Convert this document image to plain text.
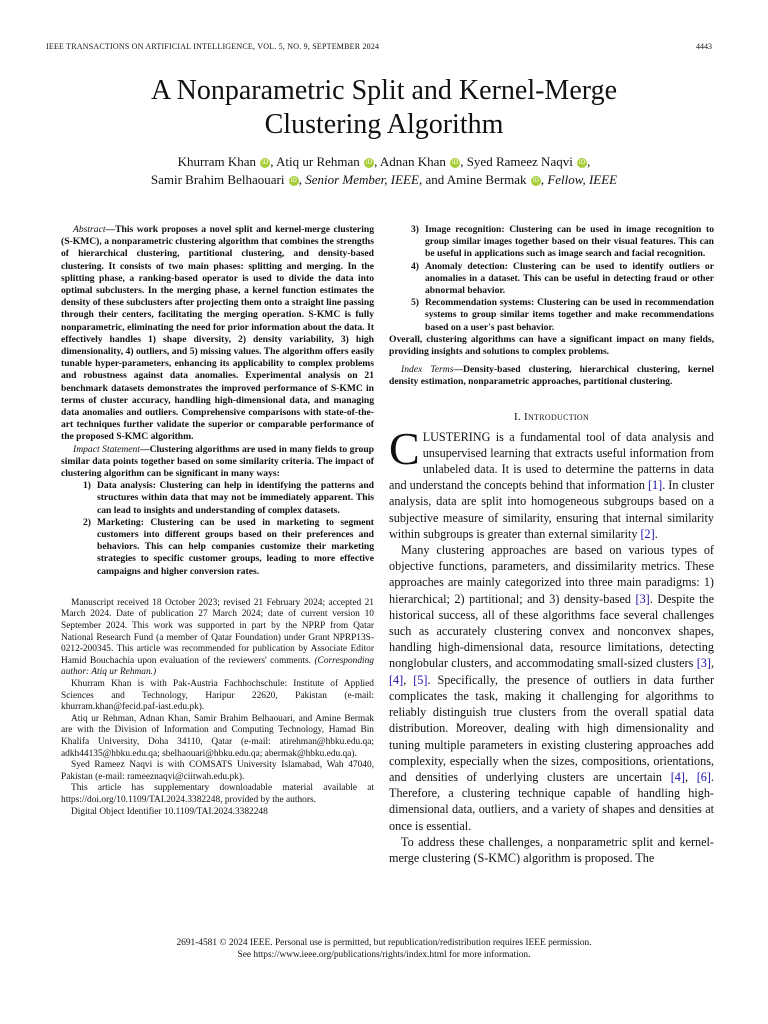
IEEE TRANSACTIONS ON ARTIFICIAL INTELLIGENCE, VOL. 5, NO. 9, SEPTEMBER 2024	4443
A Nonparametric Split and Kernel-Merge
Clustering Algorithm
Khurram Khan iD , Atiq ur Rehman iD , Adnan Khan iD , Syed Rameez Naqvi iD ,
Samir Brahim Belhaouari iD , Senior Member, IEEE, and Amine Bermak iD , Fellow, IEEE

Abstract—This work proposes a novel split and kernel-merge clustering (S-KMC), a nonparametric clustering algorithm that combines the strengths of hierarchical clustering, partitional clustering, and density-based clustering. It consists of two main phases: splitting and merging. In the splitting phase, a ranking-based operator is used to divide the data into optimal subclusters. In the merging phase, a kernel function estimates the density of these subclusters after projecting them onto a straight line passing through their centers, facilitating the merging operation. S-KMC is fully nonparametric, eliminating the need for prior information about the data. It effectively handles 1) shape diversity, 2) density variability, 3) high dimensionality, 4) outliers, and 5) missing values. The algorithm offers easily tunable hyper-parameters, enhancing its applicability to complex problems and robustness against data anomalies. Experimental analysis on 21 benchmark datasets demonstrates the improved performance of S-KMC in terms of cluster accuracy, handling high-dimensional data, and managing data anomalies and outliers. Comprehensive comparisons with state-of-the-art techniques further validate the superior or comparable performance of the proposed S-KMC algorithm.

Impact Statement—Clustering algorithms are used in many fields to group similar data points together based on some similarity criteria. The impact of clustering algorithm can be significant in many ways:

1) Data analysis: Clustering can help in identifying the patterns and structures within data that may not be immediately apparent. This can lead to insights and understanding of complex datasets.
2) Marketing: Clustering can be used in marketing to segment customers into different groups based on their preferences and behaviors. This can help companies customize their marketing strategies to specific customer groups, leading to more effective campaigns and higher conversion rates.

Manuscript received 18 October 2023; revised 21 February 2024; accepted 21 March 2024. Date of publication 27 March 2024; date of current version 10 September 2024. This work was supported in part by the NPRP from Qatar National Research Fund (a member of Qatar Foundation) under Grant NPRP13S-0212-200345. This article was recommended for publication by Associate Editor Hamid Bouchachia upon evaluation of the reviewers' comments. (Corresponding author: Atiq ur Rehman.)

Khurram Khan is with Pak-Austria Fachhochschule: Institute of Applied Sciences and Technology, Haripur 22620, Pakistan (e-mail: khurram.khan@fecid.paf-iast.edu.pk).

Atiq ur Rehman, Adnan Khan, Samir Brahim Belhaouari, and Amine Bermak are with the Division of Information and Computing Technology, Hamad Bin Khalifa University, Doha 34110, Qatar (e-mail: atirehman@hbku.edu.qa; adkh44135@hbku.edu.qa; sbelhaouari@hbku.edu.qa; abermak@hbku.edu.qa).

Syed Rameez Naqvi is with COMSATS University Islamabad, Wah 47040, Pakistan (e-mail: rameeznaqvi@ciitwah.edu.pk).

This article has supplementary downloadable material available at https://doi.org/10.1109/TAI.2024.3382248, provided by the authors.

Digital Object Identifier 10.1109/TAI.2024.3382248

3) Image recognition: Clustering can be used in image recognition to group similar images together based on their visual features. This can be useful in applications such as image search and facial recognition.
4) Anomaly detection: Clustering can be used to identify outliers or anomalies in a dataset. This can be useful in detecting fraud or other abnormal behavior.
5) Recommendation systems: Clustering can be used in recommendation systems to group similar items together and make recommendations based on a user's past behavior.

Overall, clustering algorithms can have a significant impact on many fields, providing insights and solutions to complex problems.

Index Terms—Density-based clustering, hierarchical clustering, kernel density estimation, nonparametric approaches, partitional clustering.

I. Introduction

CLUSTERING is a fundamental tool of data analysis and unsupervised learning that extracts useful information from unlabeled data. It is used to determine the patterns in data and understand the concepts behind that information [1]. In cluster analysis, data are split into homogeneous subgroups based on a subjective measure of similarity, ensuring that internal similarity within subgroups is greater than external similarity [2].

Many clustering approaches are based on various types of objective functions, parameters, and dissimilarity metrics. These approaches are mainly categorized into three main paradigms: 1) hierarchical; 2) partitional; and 3) density-based [3]. Despite the historical success, all of these algorithms face several challenges such as accurately clustering convex and nonconvex shapes, handling high-dimensional data, resource limitations, detecting nonglobular clusters, and accommodating small-sized clusters [3], [4], [5]. Specifically, the presence of outliers in data further complicates the task, making it challenging for algorithms to reliably distinguish true clusters from the overall spatial data distribution. Moreover, dealing with high dimensionality and tuning multiple parameters in existing clustering approaches add complexity, especially when the sizes, compositions, orientations, and densities of underlying clusters are uncertain [4], [6]. Therefore, a clustering technique capable of handling high-dimensional data, outliers, and a variety of shapes and densities at once is essential.

To address these challenges, a nonparametric split and kernel-merge clustering (S-KMC) algorithm is proposed. The

2691-4581 © 2024 IEEE. Personal use is permitted, but republication/redistribution requires IEEE permission.
See https://www.ieee.org/publications/rights/index.html for more information.
